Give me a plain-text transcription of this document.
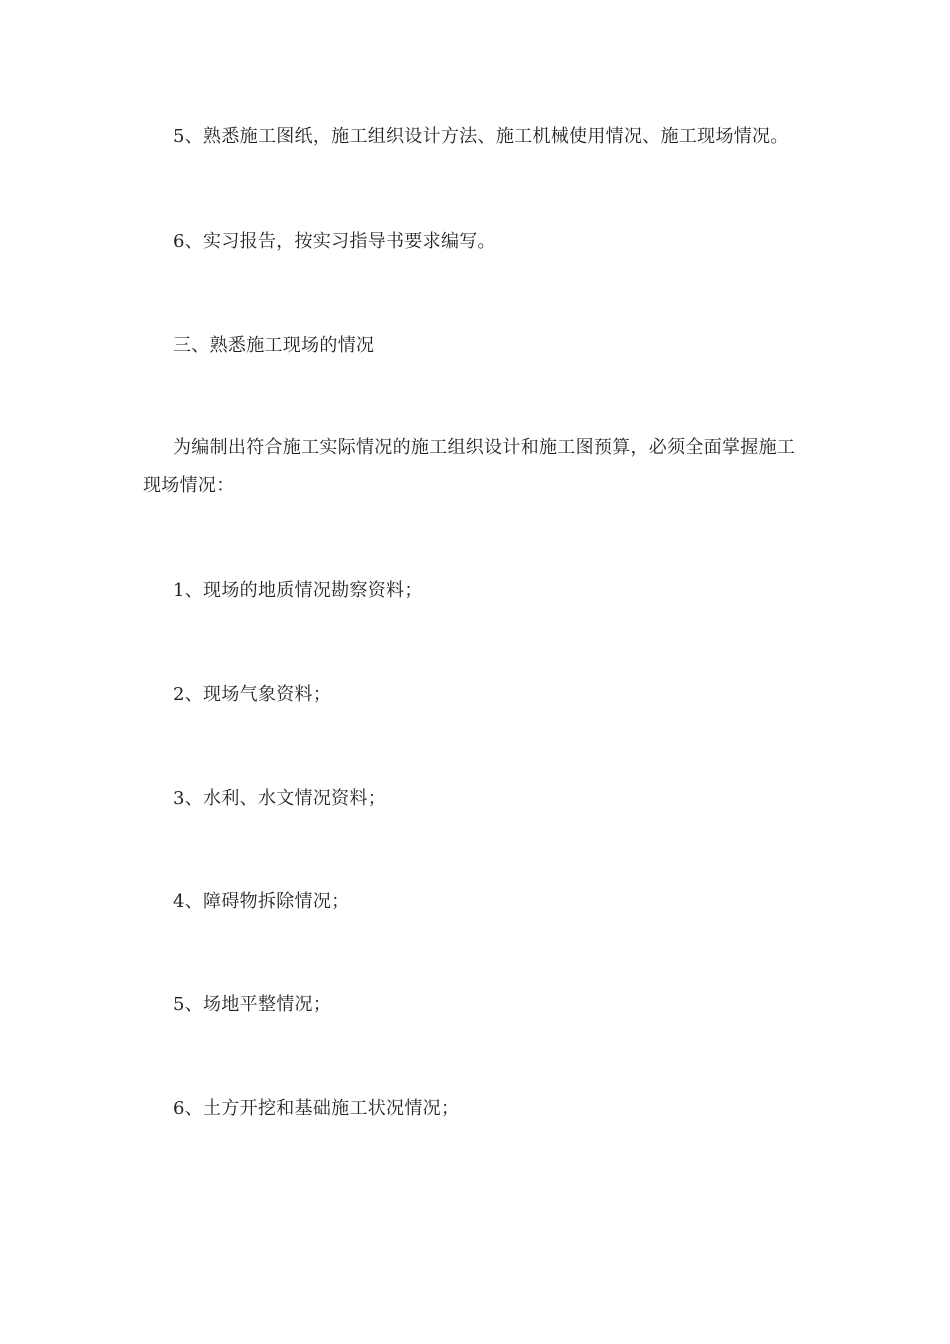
5、熟悉施工图纸，施工组织设计方法、施工机械使用情况、施工现场情况。

6、实习报告，按实习指导书要求编写。

三、熟悉施工现场的情况

为编制出符合施工实际情况的施工组织设计和施工图预算，必须全面掌握施工现场情况：

1、现场的地质情况勘察资料；

2、现场气象资料；

3、水利、水文情况资料；

4、障碍物拆除情况；

5、场地平整情况；

6、土方开挖和基础施工状况情况；
